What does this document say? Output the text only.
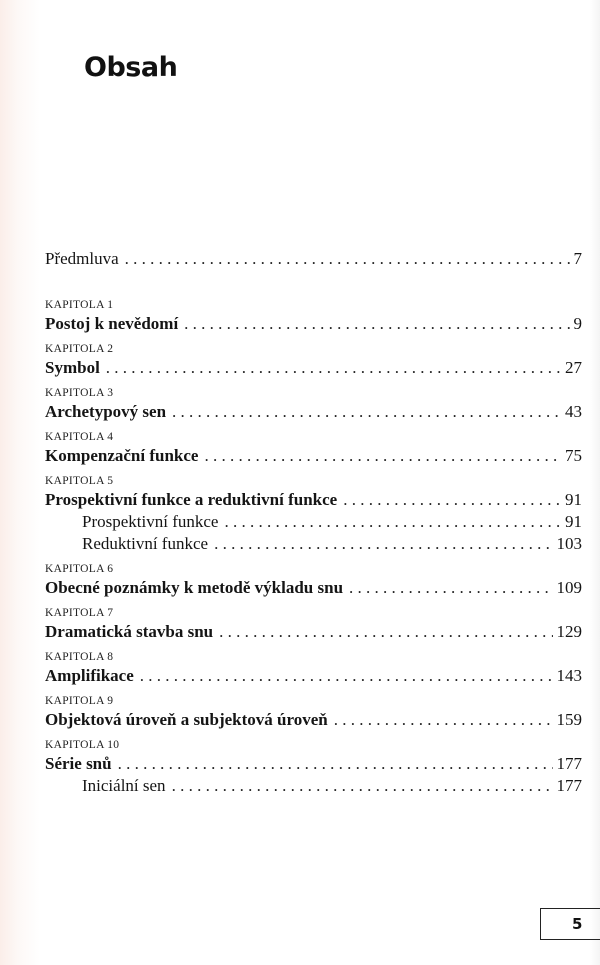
Obsah
Předmluva . . .	7
KAPITOLA 1
Postoj k nevědomí . . .	9
KAPITOLA 2
Symbol . . .	27
KAPITOLA 3
Archetypový sen . . .	43
KAPITOLA 4
Kompenzační funkce . . .	75
KAPITOLA 5
Prospektivní funkce a reduktivní funkce . . .	91
Prospektivní funkce . . .	91
Reduktivní funkce . . .	103
KAPITOLA 6
Obecné poznámky k metodě výkladu snu . . .	109
KAPITOLA 7
Dramatická stavba snu . . .	129
KAPITOLA 8
Amplifikace . . .	143
KAPITOLA 9
Objektová úroveň a subjektová úroveň . . .	159
KAPITOLA 10
Série snů . . .	177
Iniciální sen . . .	177
5
